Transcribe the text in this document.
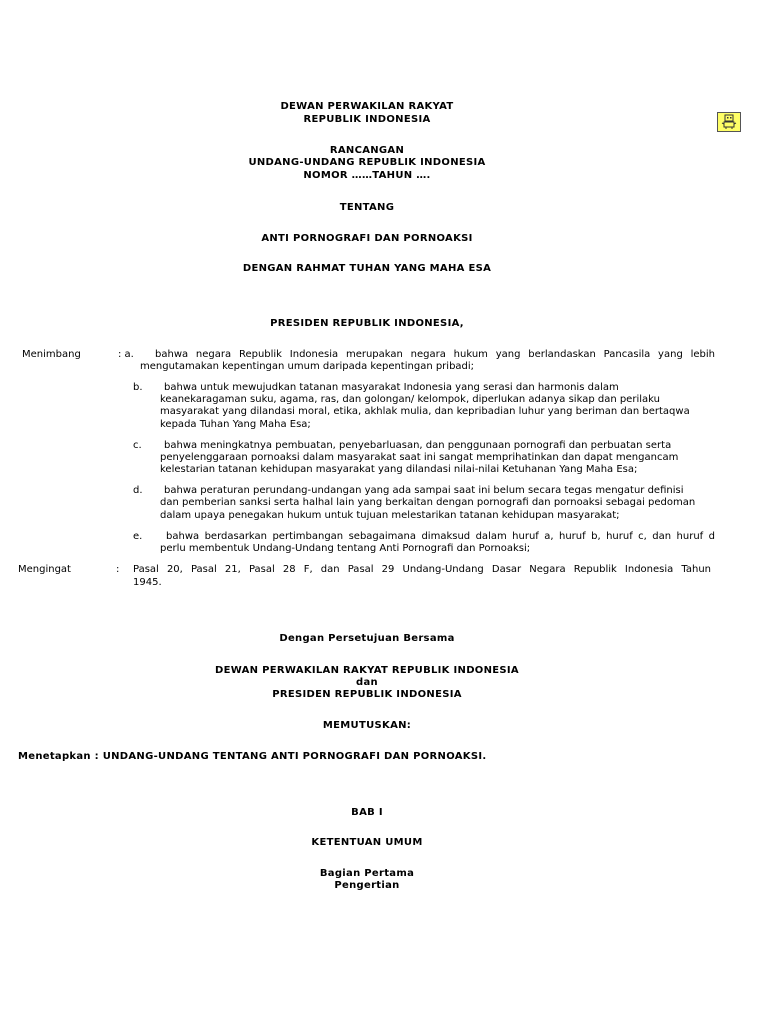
DEWAN PERWAKILAN RAKYAT
REPUBLIK INDONESIA
RANCANGAN
UNDANG-UNDANG REPUBLIK INDONESIA
NOMOR ……TAHUN ….
TENTANG
ANTI PORNOGRAFI DAN PORNOAKSI
DENGAN RAHMAT TUHAN YANG MAHA ESA
PRESIDEN REPUBLIK INDONESIA,
Menimbang	: a. bahwa negara Republik Indonesia merupakan negara hukum yang berlandaskan Pancasila yang lebih
mengutamakan kepentingan umum daripada kepentingan pribadi;
b. bahwa untuk mewujudkan tatanan masyarakat Indonesia yang serasi dan harmonis dalam
keanekaragaman suku, agama, ras, dan golongan/ kelompok, diperlukan adanya sikap dan perilaku
masyarakat yang dilandasi moral, etika, akhlak mulia, dan kepribadian luhur yang beriman dan bertaqwa
kepada Tuhan Yang Maha Esa;
c. bahwa meningkatnya pembuatan, penyebarluasan, dan penggunaan pornografi dan perbuatan serta
penyelenggaraan pornoaksi dalam masyarakat saat ini sangat memprihatinkan dan dapat mengancam
kelestarian tatanan kehidupan masyarakat yang dilandasi nilai-nilai Ketuhanan Yang Maha Esa;
d. bahwa peraturan perundang-undangan yang ada sampai saat ini belum secara tegas mengatur definisi
dan pemberian sanksi serta halhal lain yang berkaitan dengan pornografi dan pornoaksi sebagai pedoman
dalam upaya penegakan hukum untuk tujuan melestarikan tatanan kehidupan masyarakat;
e. bahwa berdasarkan pertimbangan sebagaimana dimaksud dalam huruf a, huruf b, huruf c, dan huruf d
perlu membentuk Undang-Undang tentang Anti Pornografi dan Pornoaksi;
Mengingat	: Pasal 20, Pasal 21, Pasal 28 F, dan Pasal 29 Undang-Undang Dasar Negara Republik Indonesia Tahun
1945.
Dengan Persetujuan Bersama
DEWAN PERWAKILAN RAKYAT REPUBLIK INDONESIA
dan
PRESIDEN REPUBLIK INDONESIA
MEMUTUSKAN:
Menetapkan : UNDANG-UNDANG TENTANG ANTI PORNOGRAFI DAN PORNOAKSI.
BAB I
KETENTUAN UMUM
Bagian Pertama
Pengertian
